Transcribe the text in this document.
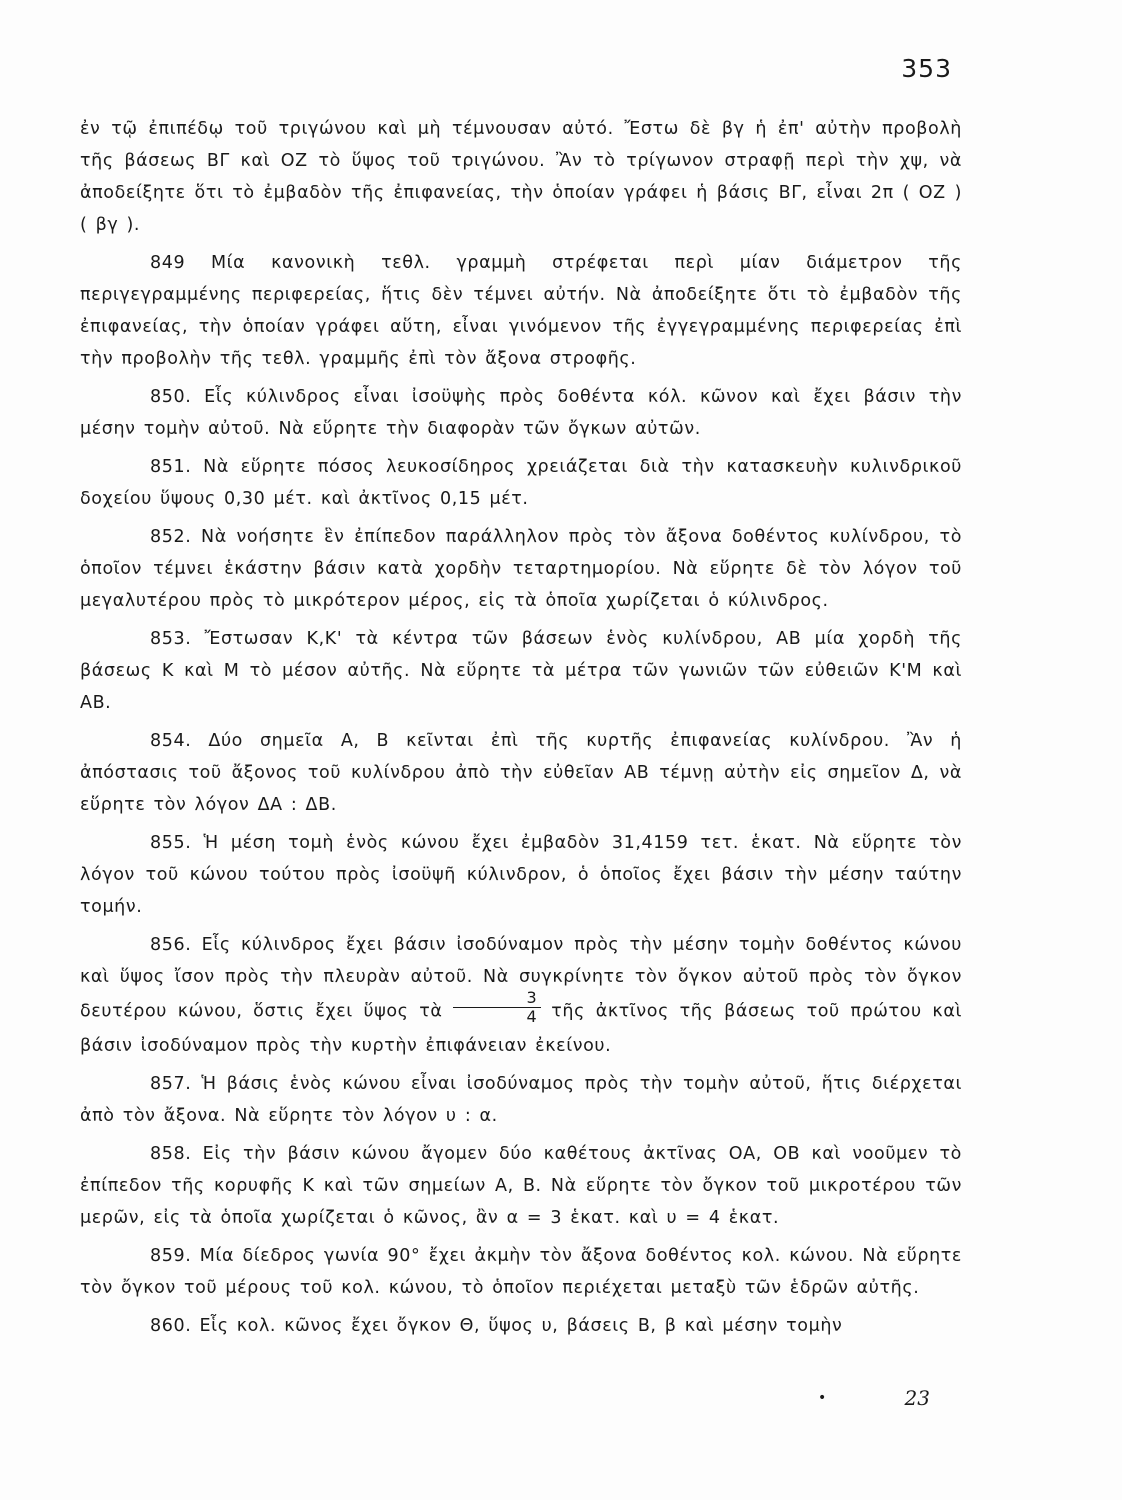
353

ἐν τῷ ἐπιπέδῳ τοῦ τριγώνου καὶ μὴ τέμνουσαν αὐτό. Ἔστω δὲ βγ ἡ ἐπ' αὐτὴν προβολὴ τῆς βάσεως ΒΓ καὶ ΟΖ τὸ ὕψος τοῦ τριγώνου. Ἂν τὸ τρίγωνον στραφῇ περὶ τὴν χψ, νὰ ἀποδείξητε ὅτι τὸ ἐμβαδὸν τῆς ἐπιφανείας, τὴν ὁποίαν γράφει ἡ βάσις ΒΓ, εἶναι 2π ( ΟΖ ) ( βγ ).

849 Μία κανονικὴ τεθλ. γραμμὴ στρέφεται περὶ μίαν διάμετρον τῆς περιγεγραμμένης περιφερείας, ἥτις δὲν τέμνει αὐτήν. Νὰ ἀποδείξητε ὅτι τὸ ἐμβαδὸν τῆς ἐπιφανείας, τὴν ὁποίαν γράφει αὕτη, εἶναι γινόμενον τῆς ἐγγεγραμμένης περιφερείας ἐπὶ τὴν προβολὴν τῆς τεθλ. γραμμῆς ἐπὶ τὸν ἄξονα στροφῆς.

850. Εἷς κύλινδρος εἶναι ἰσοϋψὴς πρὸς δοθέντα κόλ. κῶνον καὶ ἔχει βάσιν τὴν μέσην τομὴν αὐτοῦ. Νὰ εὕρητε τὴν διαφορὰν τῶν ὄγκων αὐτῶν.

851. Νὰ εὕρητε πόσος λευκοσίδηρος χρειάζεται διὰ τὴν κατασκευὴν κυλινδρικοῦ δοχείου ὕψους 0,30 μέτ. καὶ ἀκτῖνος 0,15 μέτ.

852. Νὰ νοήσητε ἓν ἐπίπεδον παράλληλον πρὸς τὸν ἄξονα δοθέντος κυλίνδρου, τὸ ὁποῖον τέμνει ἑκάστην βάσιν κατὰ χορδὴν τεταρτημορίου. Νὰ εὕρητε δὲ τὸν λόγον τοῦ μεγαλυτέρου πρὸς τὸ μικρότερον μέρος, εἰς τὰ ὁποῖα χωρίζεται ὁ κύλινδρος.

853. Ἔστωσαν Κ,Κ' τὰ κέντρα τῶν βάσεων ἑνὸς κυλίνδρου, ΑΒ μία χορδὴ τῆς βάσεως Κ καὶ Μ τὸ μέσον αὐτῆς. Νὰ εὕρητε τὰ μέτρα τῶν γωνιῶν τῶν εὐθειῶν Κ'Μ καὶ ΑΒ.

854. Δύο σημεῖα Α, Β κεῖνται ἐπὶ τῆς κυρτῆς ἐπιφανείας κυλίνδρου. Ἂν ἡ ἀπόστασις τοῦ ἄξονος τοῦ κυλίνδρου ἀπὸ τὴν εὐθεῖαν ΑΒ τέμνῃ αὐτὴν εἰς σημεῖον Δ, νὰ εὕρητε τὸν λόγον ΔΑ : ΔΒ.

855. Ἡ μέση τομὴ ἑνὸς κώνου ἔχει ἐμβαδὸν 31,4159 τετ. ἑκατ. Νὰ εὕρητε τὸν λόγον τοῦ κώνου τούτου πρὸς ἰσοϋψῆ κύλινδρον, ὁ ὁποῖος ἔχει βάσιν τὴν μέσην ταύτην τομήν.

856. Εἷς κύλινδρος ἔχει βάσιν ἰσοδύναμον πρὸς τὴν μέσην τομὴν δοθέντος κώνου καὶ ὕψος ἴσον πρὸς τὴν πλευρὰν αὐτοῦ. Νὰ συγκρίνητε τὸν ὄγκον αὐτοῦ πρὸς τὸν ὄγκον δευτέρου κώνου, ὅστις ἔχει ὕψος τὰ $\frac{3}{4}$ τῆς ἀκτῖνος τῆς βάσεως τοῦ πρώτου καὶ βάσιν ἰσοδύναμον πρὸς τὴν κυρτὴν ἐπιφάνειαν ἐκείνου.

857. Ἡ βάσις ἑνὸς κώνου εἶναι ἰσοδύναμος πρὸς τὴν τομὴν αὐτοῦ, ἥτις διέρχεται ἀπὸ τὸν ἄξονα. Νὰ εὕρητε τὸν λόγον υ : α.

858. Εἰς τὴν βάσιν κώνου ἄγομεν δύο καθέτους ἀκτῖνας ΟΑ, ΟΒ καὶ νοοῦμεν τὸ ἐπίπεδον τῆς κορυφῆς Κ καὶ τῶν σημείων Α, Β. Νὰ εὕρητε τὸν ὄγκον τοῦ μικροτέρου τῶν μερῶν, εἰς τὰ ὁποῖα χωρίζεται ὁ κῶνος, ἂν α = 3 ἑκατ. καὶ υ = 4 ἑκατ.

859. Μία δίεδρος γωνία 90° ἔχει ἀκμὴν τὸν ἄξονα δοθέντος κολ. κώνου. Νὰ εὕρητε τὸν ὄγκον τοῦ μέρους τοῦ κολ. κώνου, τὸ ὁποῖον περιέχεται μεταξὺ τῶν ἑδρῶν αὐτῆς.

860. Εἷς κολ. κῶνος ἔχει ὄγκον Θ, ὕψος υ, βάσεις Β, β καὶ μέσην τομὴν

•	23
